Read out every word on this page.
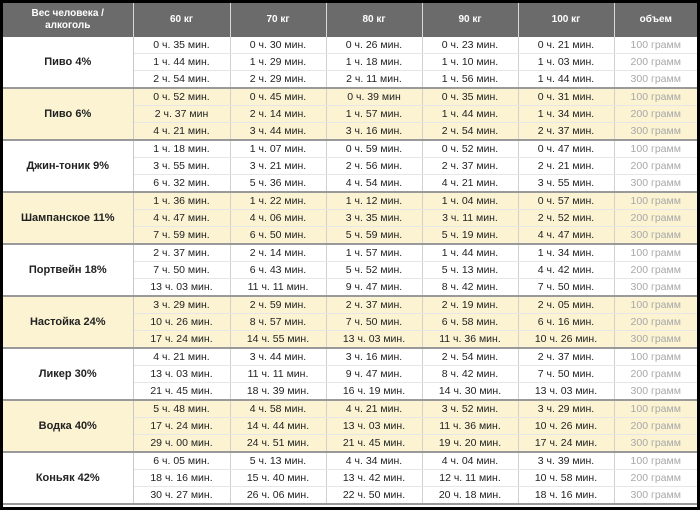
Вес человека / алкоголь	60 кг	70 кг	80 кг	90 кг	100 кг	объем
Пиво 4%	0 ч. 35 мин.	0 ч. 30 мин.	0 ч. 26 мин.	0 ч. 23 мин.	0 ч. 21 мин.	100 грамм
	1 ч. 44 мин.	1 ч. 29 мин.	1 ч. 18 мин.	1 ч. 10 мин.	1 ч. 03 мин.	200 грамм
	2 ч. 54 мин.	2 ч. 29 мин.	2 ч. 11 мин.	1 ч. 56 мин.	1 ч. 44 мин.	300 грамм
Пиво 6%	0 ч. 52 мин.	0 ч. 45 мин.	0 ч. 39 мин	0 ч. 35 мин.	0 ч. 31 мин.	100 грамм
	2 ч. 37 мин	2 ч. 14 мин.	1 ч. 57 мин.	1 ч. 44 мин.	1 ч. 34 мин.	200 грамм
	4 ч. 21 мин.	3 ч. 44 мин.	3 ч. 16 мин.	2 ч. 54 мин.	2 ч. 37 мин.	300 грамм
Джин-тоник 9%	1 ч. 18 мин.	1 ч. 07 мин.	0 ч. 59 мин.	0 ч. 52 мин.	0 ч. 47 мин.	100 грамм
	3 ч. 55 мин.	3 ч. 21 мин.	2 ч. 56 мин.	2 ч. 37 мин.	2 ч. 21 мин.	200 грамм
	6 ч. 32 мин.	5 ч. 36 мин.	4 ч. 54 мин.	4 ч. 21 мин.	3 ч. 55 мин.	300 грамм
Шампанское 11%	1 ч. 36 мин.	1 ч. 22 мин.	1 ч. 12 мин.	1 ч. 04 мин.	0 ч. 57 мин.	100 грамм
	4 ч. 47 мин.	4 ч. 06 мин.	3 ч. 35 мин.	3 ч. 11 мин.	2 ч. 52 мин.	200 грамм
	7 ч. 59 мин.	6 ч. 50 мин.	5 ч. 59 мин.	5 ч. 19 мин.	4 ч. 47 мин.	300 грамм
Портвейн 18%	2 ч. 37 мин.	2 ч. 14 мин.	1 ч. 57 мин.	1 ч. 44 мин.	1 ч. 34 мин.	100 грамм
	7 ч. 50 мин.	6 ч. 43 мин.	5 ч. 52 мин.	5 ч. 13 мин.	4 ч. 42 мин.	200 грамм
	13 ч. 03 мин.	11 ч. 11 мин.	9 ч. 47 мин.	8 ч. 42 мин.	7 ч. 50 мин.	300 грамм
Настойка 24%	3 ч. 29 мин.	2 ч. 59 мин.	2 ч. 37 мин.	2 ч. 19 мин.	2 ч. 05 мин.	100 грамм
	10 ч. 26 мин.	8 ч. 57 мин.	7 ч. 50 мин.	6 ч. 58 мин.	6 ч. 16 мин.	200 грамм
	17 ч. 24 мин.	14 ч. 55 мин.	13 ч. 03 мин.	11 ч. 36 мин.	10 ч. 26 мин.	300 грамм
Ликер 30%	4 ч. 21 мин.	3 ч. 44 мин.	3 ч. 16 мин.	2 ч. 54 мин.	2 ч. 37 мин.	100 грамм
	13 ч. 03 мин.	11 ч. 11 мин.	9 ч. 47 мин.	8 ч. 42 мин.	7 ч. 50 мин.	200 грамм
	21 ч. 45 мин.	18 ч. 39 мин.	16 ч. 19 мин.	14 ч. 30 мин.	13 ч. 03 мин.	300 грамм
Водка 40%	5 ч. 48 мин.	4 ч. 58 мин.	4 ч. 21 мин.	3 ч. 52 мин.	3 ч. 29 мин.	100 грамм
	17 ч. 24 мин.	14 ч. 44 мин.	13 ч. 03 мин.	11 ч. 36 мин.	10 ч. 26 мин.	200 грамм
	29 ч. 00 мин.	24 ч. 51 мин.	21 ч. 45 мин.	19 ч. 20 мин.	17 ч. 24 мин.	300 грамм
Коньяк 42%	6 ч. 05 мин.	5 ч. 13 мин.	4 ч. 34 мин.	4 ч. 04 мин.	3 ч. 39 мин.	100 грамм
	18 ч. 16 мин.	15 ч. 40 мин.	13 ч. 42 мин.	12 ч. 11 мин.	10 ч. 58 мин.	200 грамм
	30 ч. 27 мин.	26 ч. 06 мин.	22 ч. 50 мин.	20 ч. 18 мин.	18 ч. 16 мин.	300 грамм
